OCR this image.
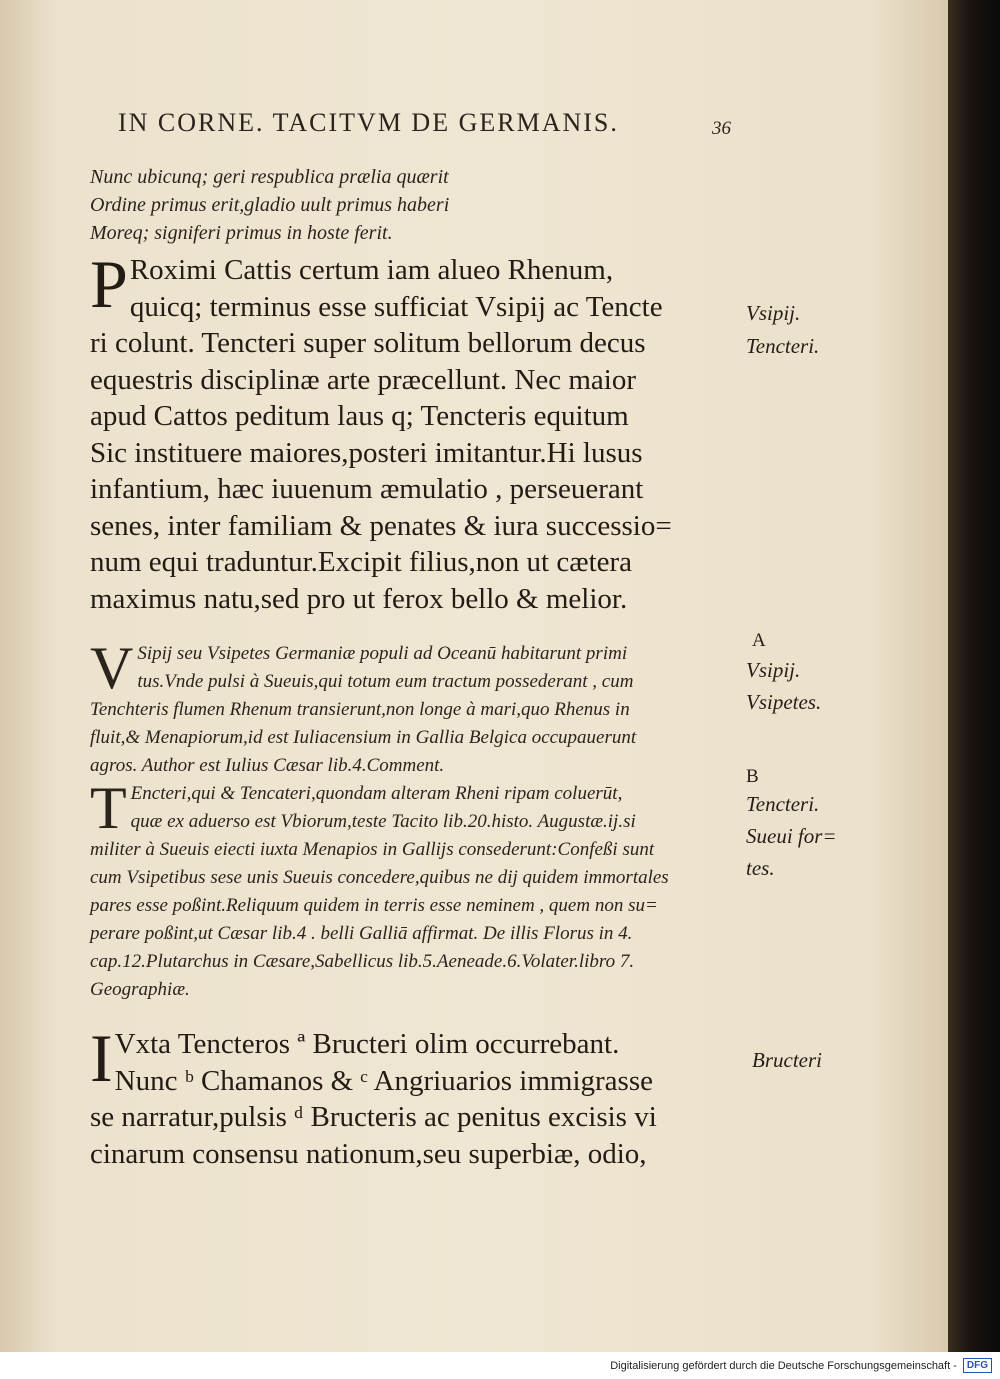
IN CORNE. TACITVM DE GERMANIS.	36
Nunc ubicunq; geri respublica prælia quærit
Ordine primus erit,gladio uult primus haberi
Moreq; signiferi primus in hoste ferit.
P Roximi Cattis certum iam alueo Rhenum,
quicq; terminus esse sufficiat Vsipij ac Tencte
ri colunt. Tencteri super solitum bellorum decus
equestris disciplinæ arte præcellunt. Nec maior
apud Cattos peditum laus q; Tencteris equitum
Sic instituere maiores,posteri imitantur.Hi lusus
infantium, hæc iuuenum æmulatio , perseuerant
senes, inter familiam & penates & iura successio=
num equi traduntur.Excipit filius,non ut cætera
maximus natu,sed pro ut ferox bello & melior.
V Sipij seu Vsipetes Germaniæ populi ad Oceanū habitarunt primi
tus.Vnde pulsi à Sueuis,qui totum eum tractum possederant , cum
Tenchteris flumen Rhenum transierunt,non longe à mari,quo Rhenus in
fluit,& Menapiorum,id est Iuliacensium in Gallia Belgica occupauerunt
agros. Author est Iulius Cæsar lib.4.Comment.
T Encteri,qui & Tencateri,quondam alteram Rheni ripam coluerūt,
quæ ex aduerso est Vbiorum,teste Tacito lib.20.histo. Augustæ.ij.si
militer à Sueuis eiecti iuxta Menapios in Gallijs consederunt:Confeßi sunt
cum Vsipetibus sese unis Sueuis concedere,quibus ne dij quidem immortales
pares esse poßint.Reliquum quidem in terris esse neminem , quem non su=
perare poßint,ut Cæsar lib.4 . belli Galliā affirmat. De illis Florus in 4.
cap.12.Plutarchus in Cæsare,Sabellicus lib.5.Aeneade.6.Volater.libro 7.
Geographiæ.
I Vxta Tencteros ª Bructeri olim occurrebant.
Nunc ᵇ Chamanos & ᶜ Angriuarios immigrasse
se narratur,pulsis ᵈ Bructeris ac penitus excisis vi
cinarum consensu nationum,seu superbiæ, odio,
Vsipij.
Tencteri.
A
Vsipij.
Vsipetes.
B
Tencteri.
Sueui for=
tes.
Bructeri
Digitalisierung gefördert durch die Deutsche Forschungsgemeinschaft -	DFG
